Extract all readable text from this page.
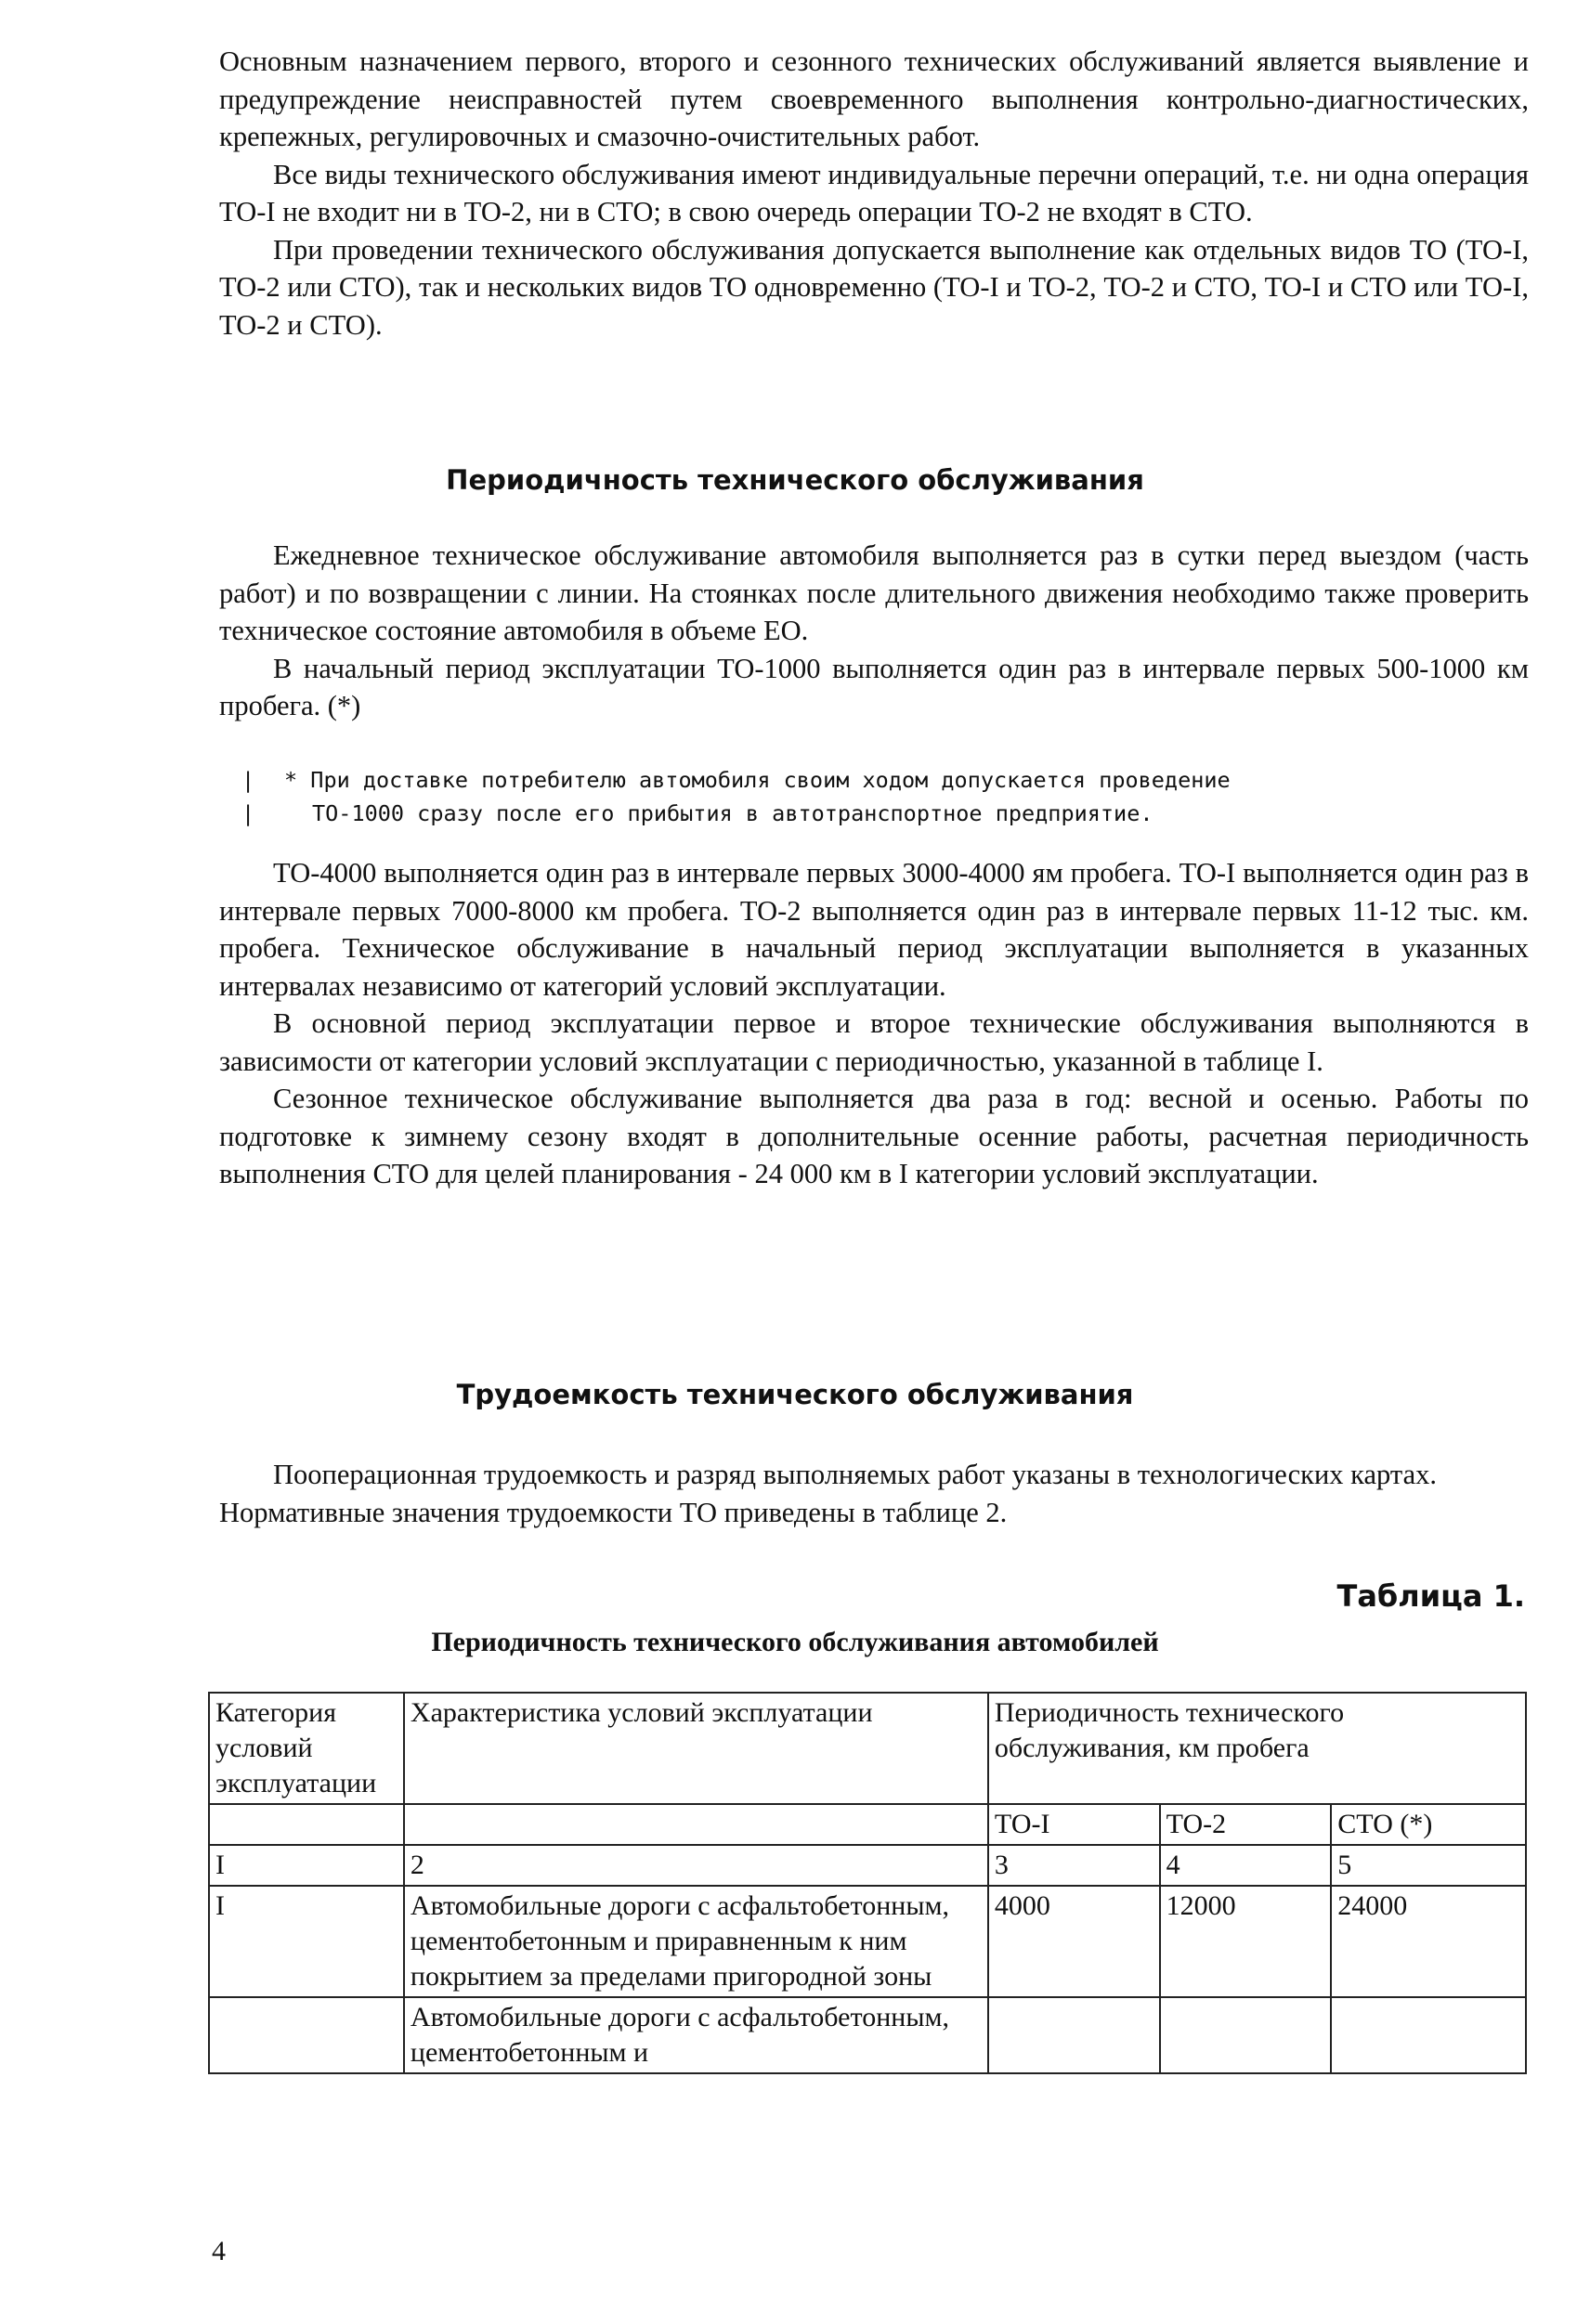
Основным назначением первого, второго и сезонного технических обслуживаний является выявление и предупреждение неисправностей путем своевременного выполнения контрольно-диагностических, крепежных, регулировочных и смазочно-очистительных работ.

Все виды технического обслуживания имеют индивидуальные перечни операций, т.е. ни одна операция ТО-I не входит ни в ТО-2, ни в СТО; в свою очередь операции ТО-2 не входят в СТО.

При проведении технического обслуживания допускается выполнение как отдельных видов ТО (ТО-I, ТО-2 или СТО), так и нескольких видов ТО одновременно (ТО-I и ТО-2, ТО-2 и СТО, ТО-I и СТО или ТО-I, ТО-2 и СТО).

Периодичность технического обслуживания

Ежедневное техническое обслуживание автомобиля выполняется раз в сутки перед выездом (часть работ) и по возвращении с линии. На стоянках после длительного движения необходимо также проверить техническое состояние автомобиля в объеме ЕО.

В начальный период эксплуатации ТО-1000 выполняется один раз в интервале первых 500-1000 км пробега. (*)

| * При доставке потребителю автомобиля своим ходом допускается проведение
|	ТО-1000 сразу после его прибытия в автотранспортное предприятие.

ТО-4000 выполняется один раз в интервале первых 3000-4000 ям пробега. ТО-I выполняется один раз в интервале первых 7000-8000 км пробега. ТО-2 выполняется один раз в интервале первых 11-12 тыс. км. пробега. Техническое обслуживание в начальный период эксплуатации выполняется в указанных интервалах независимо от категорий условий эксплуатации.

В основной период эксплуатации первое и второе технические обслуживания выполняются в зависимости от категории условий эксплуатации с периодичностью, указанной в таблице I.

Сезонное техническое обслуживание выполняется два раза в год: весной и осенью. Работы по подготовке к зимнему сезону входят в дополнительные осенние работы, расчетная периодичность выполнения СТО для целей планирования - 24 000 км в I категории условий эксплуатации.

Трудоемкость технического обслуживания

Пооперационная трудоемкость и разряд выполняемых работ указаны в технологических картах.

Нормативные значения трудоемкости ТО приведены в таблице 2.

Таблица 1.
Периодичность технического обслуживания автомобилей
Категория условий эксплуатации	Характеристика условий эксплуатации	Периодичность технического обслуживания, км пробега		
		ТО-I	ТО-2	СТО (*)
I	2	3	4	5
I	Автомобильные дороги с асфальтобетонным, цементобетонным и приравненным к ним покрытием за пределами пригородной зоны	4000	12000	24000
	Автомобильные дороги с асфальтобетонным, цементобетонным и			
4
